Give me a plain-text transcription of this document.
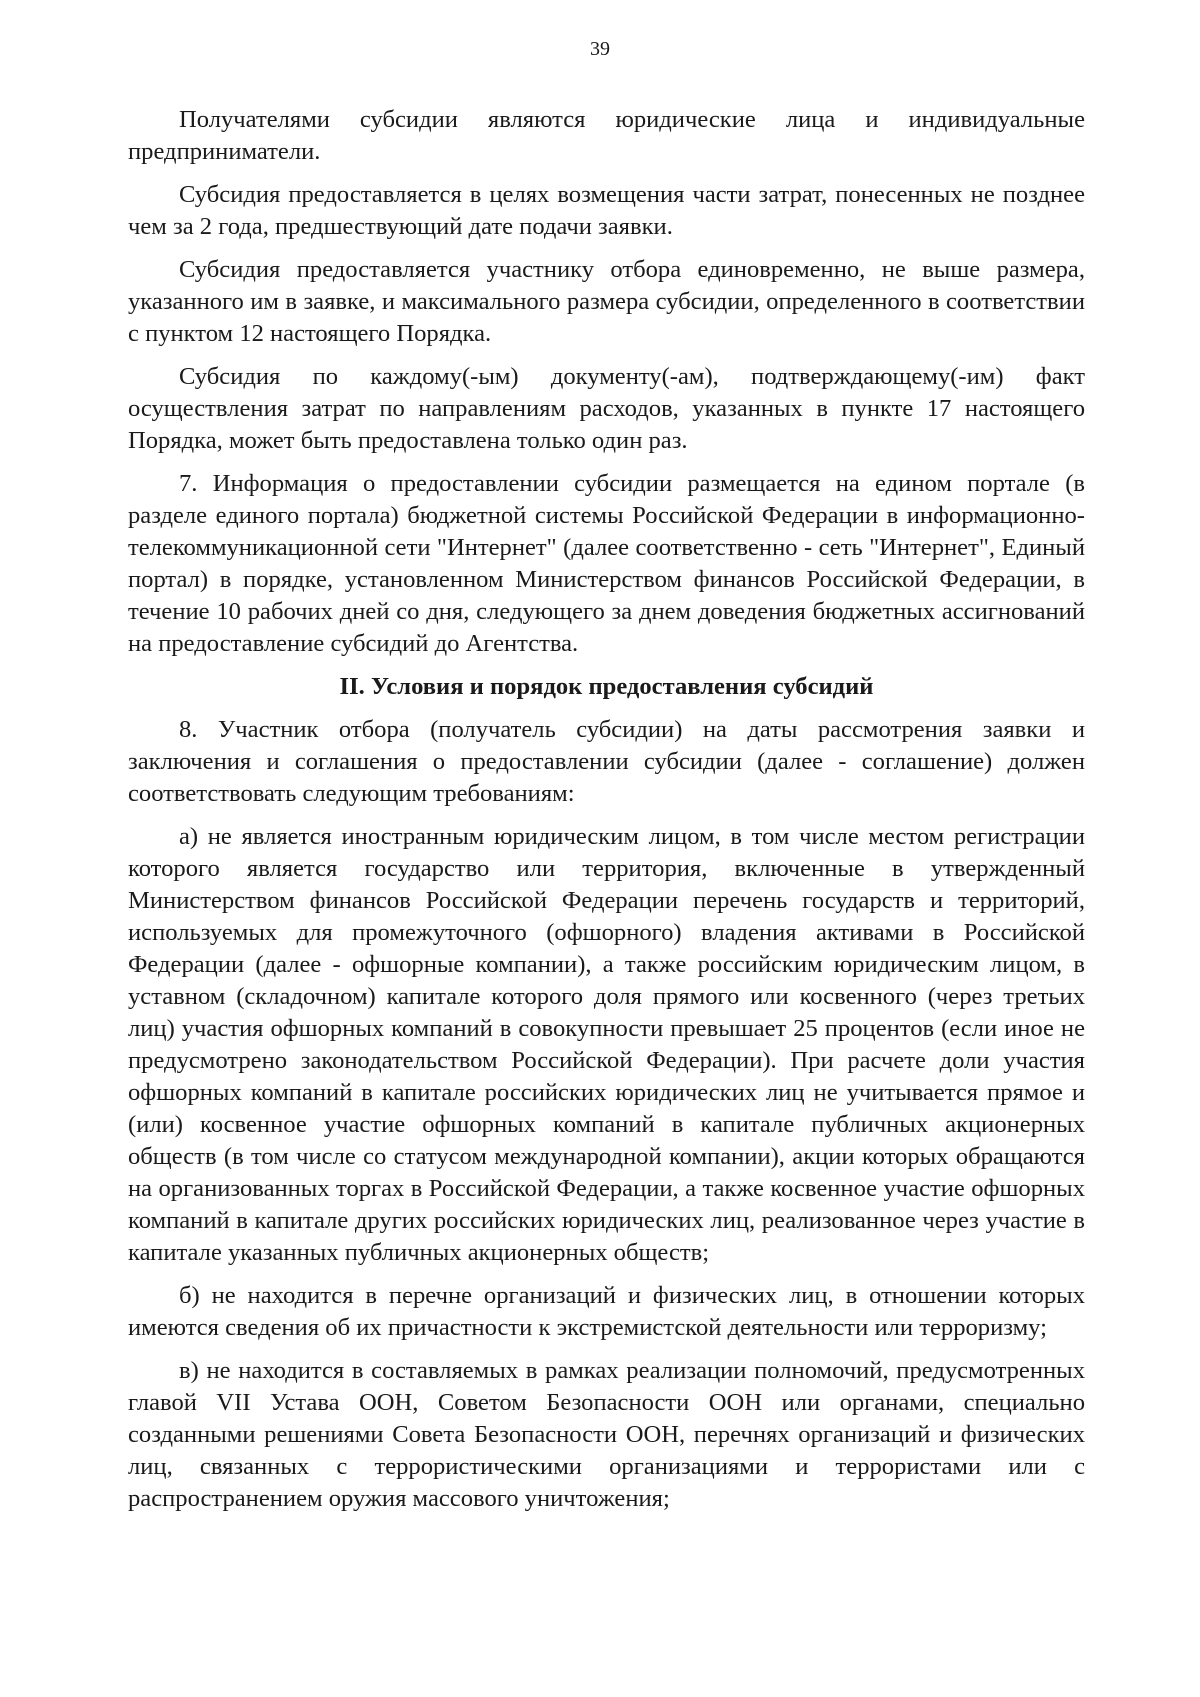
39

Получателями субсидии являются юридические лица и индивидуальные предприниматели.

Субсидия предоставляется в целях возмещения части затрат, понесенных не позднее чем за 2 года, предшествующий дате подачи заявки.

Субсидия предоставляется участнику отбора единовременно, не выше размера, указанного им в заявке, и максимального размера субсидии, определенного в соответствии с пунктом 12 настоящего Порядка.

Субсидия по каждому(-ым) документу(-ам), подтверждающему(-им) факт осуществления затрат по направлениям расходов, указанных в пункте 17 настоящего Порядка, может быть предоставлена только один раз.

7. Информация о предоставлении субсидии размещается на едином портале (в разделе единого портала) бюджетной системы Российской Федерации в информационно-телекоммуникационной сети "Интернет" (далее соответственно - сеть "Интернет", Единый портал) в порядке, установленном Министерством финансов Российской Федерации, в течение 10 рабочих дней со дня, следующего за днем доведения бюджетных ассигнований на предоставление субсидий до Агентства.

II. Условия и порядок предоставления субсидий

8. Участник отбора (получатель субсидии) на даты рассмотрения заявки и заключения и соглашения о предоставлении субсидии (далее - соглашение) должен соответствовать следующим требованиям:

а) не является иностранным юридическим лицом, в том числе местом регистрации которого является государство или территория, включенные в утвержденный Министерством финансов Российской Федерации перечень государств и территорий, используемых для промежуточного (офшорного) владения активами в Российской Федерации (далее - офшорные компании), а также российским юридическим лицом, в уставном (складочном) капитале которого доля прямого или косвенного (через третьих лиц) участия офшорных компаний в совокупности превышает 25 процентов (если иное не предусмотрено законодательством Российской Федерации). При расчете доли участия офшорных компаний в капитале российских юридических лиц не учитывается прямое и (или) косвенное участие офшорных компаний в капитале публичных акционерных обществ (в том числе со статусом международной компании), акции которых обращаются на организованных торгах в Российской Федерации, а также косвенное участие офшорных компаний в капитале других российских юридических лиц, реализованное через участие в капитале указанных публичных акционерных обществ;

б) не находится в перечне организаций и физических лиц, в отношении которых имеются сведения об их причастности к экстремистской деятельности или терроризму;

в) не находится в составляемых в рамках реализации полномочий, предусмотренных главой VII Устава ООН, Советом Безопасности ООН или органами, специально созданными решениями Совета Безопасности ООН, перечнях организаций и физических лиц, связанных с террористическими организациями и террористами или с распространением оружия массового уничтожения;
